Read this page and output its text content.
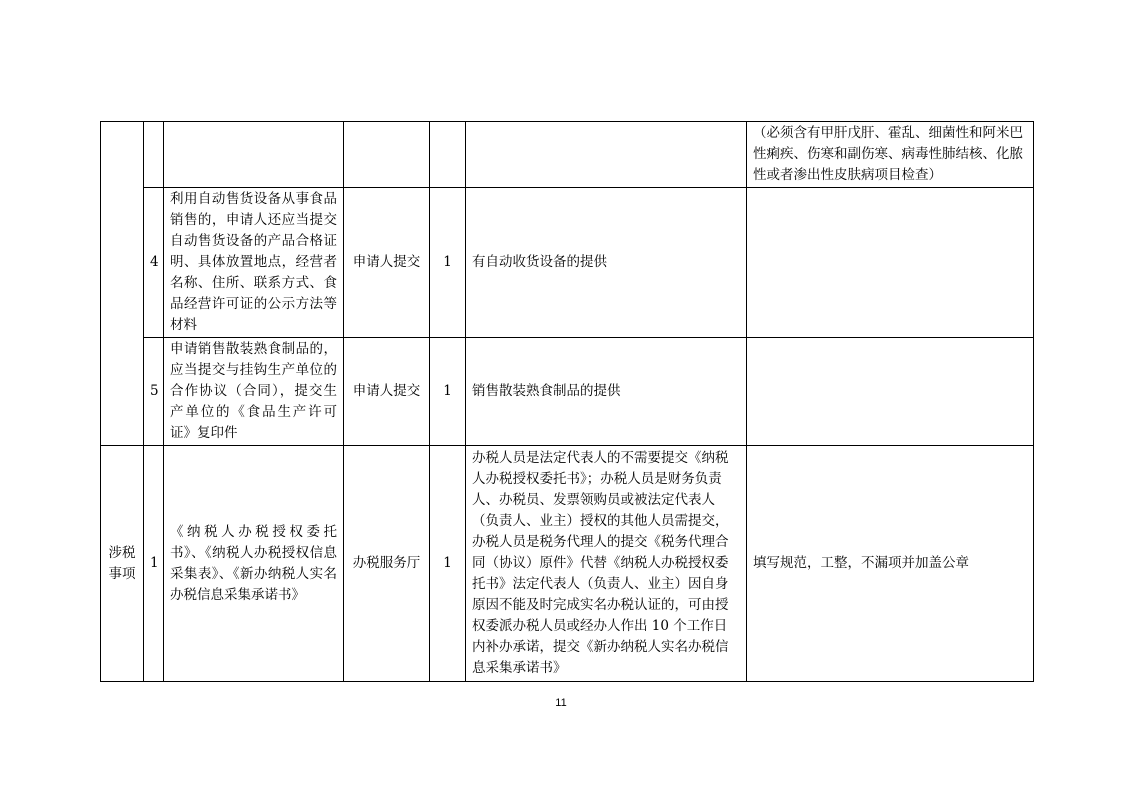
						（必须含有甲肝戊肝、霍乱、细菌性和阿米巴性痢疾、伤寒和副伤寒、病毒性肺结核、化脓性或者渗出性皮肤病项目检查）
	4	利用自动售货设备从事食品销售的，申请人还应当提交自动售货设备的产品合格证明、具体放置地点，经营者名称、住所、联系方式、食品经营许可证的公示方法等材料	申请人提交	1	有自动收货设备的提供	
	5	申请销售散装熟食制品的，应当提交与挂钩生产单位的合作协议（合同），提交生产单位的《食品生产许可证》复印件	申请人提交	1	销售散装熟食制品的提供	
涉税事项	1	《纳税人办税授权委托书》、《纳税人办税授权信息采集表》、《新办纳税人实名办税信息采集承诺书》	办税服务厅	1	办税人员是法定代表人的不需要提交《纳税人办税授权委托书》；办税人员是财务负责人、办税员、发票领购员或被法定代表人（负责人、业主）授权的其他人员需提交，办税人员是税务代理人的提交《税务代理合同（协议）原件》代替《纳税人办税授权委托书》法定代表人（负责人、业主）因自身原因不能及时完成实名办税认证的，可由授权委派办税人员或经办人作出 10 个工作日内补办承诺，提交《新办纳税人实名办税信息采集承诺书》	填写规范，工整，不漏项并加盖公章
11
